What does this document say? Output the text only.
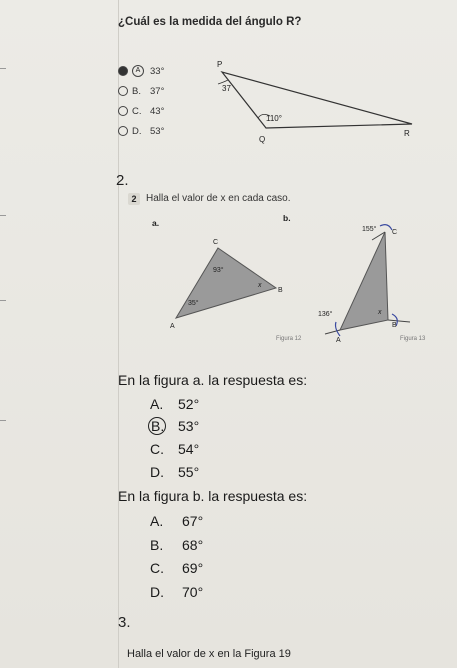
¿Cuál es la medida del ángulo R?
A	33°
B. 37°
C. 43°
D. 53°
P
37
110°
Q
R
2.
2 Halla el valor de x en cada caso.
a.	b.
C
B
A
93°
35°
x
Figura 12
155° C
136°	x
B
A	Figura 13
En la figura a. la respuesta es:
A. 52°
B. 53°
C. 54°
D. 55°
En la figura b. la respuesta es:
A. 67°
B. 68°
C. 69°
D. 70°
3.
Halla el valor de x en la Figura 19
